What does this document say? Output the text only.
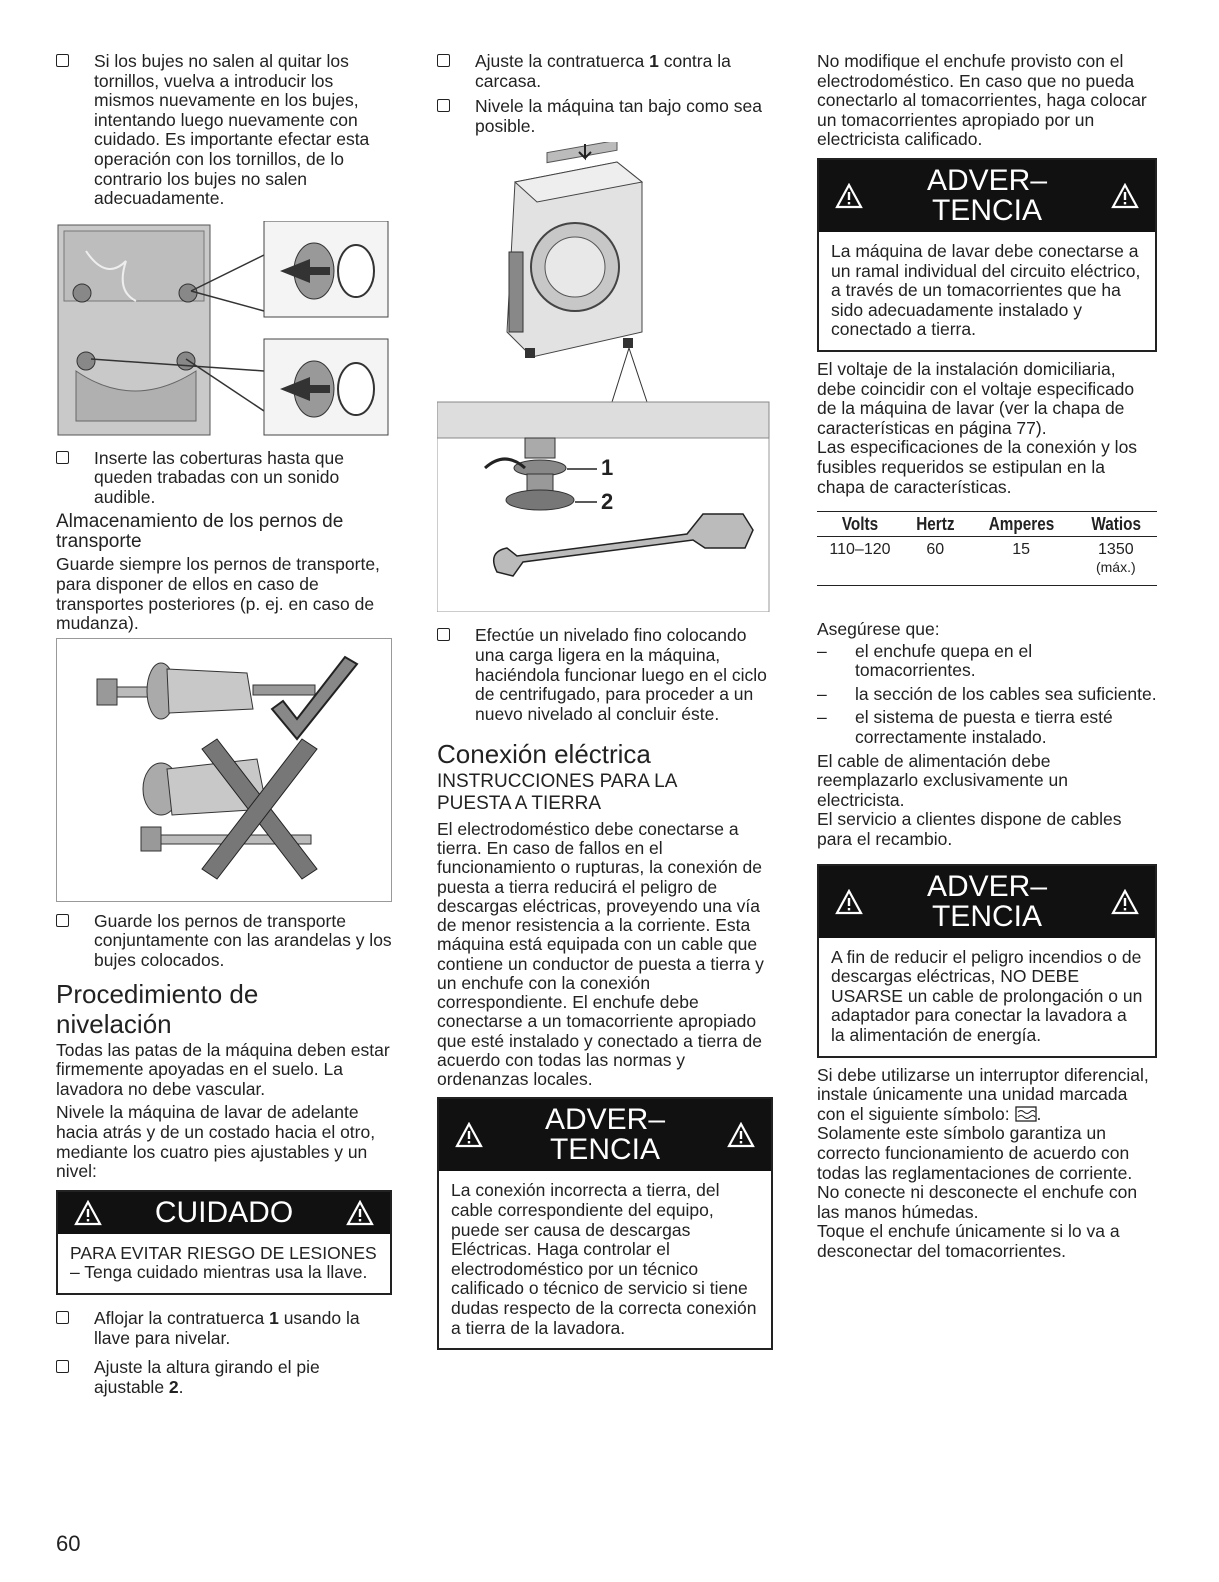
Si los bujes no salen al quitar los tornillos, vuelva a introducir los mismos nuevamente en los bujes, intentando luego nuevamente con cuidado. Es importante efectar esta operación con los tornillos, de lo contrario los bujes no salen adecuadamente.

Inserte las coberturas hasta que queden trabadas con un sonido audible.

Almacenamiento de los pernos de transporte

Guarde siempre los pernos de transporte, para disponer de ellos en caso de transportes posteriores (p. ej. en caso de mudanza).

Guarde los pernos de transporte conjuntamente con las arandelas y los bujes colocados.

Procedimiento de nivelación

Todas las patas de la máquina deben estar firmemente apoyadas en el suelo. La lavadora no debe vascular.

Nivele la máquina de lavar de adelante hacia atrás y de un costado hacia el otro, mediante los cuatro pies ajustables y un nivel:

CUIDADO
PARA EVITAR RIESGO DE LESIONES – Tenga cuidado mientras usa la llave.

Aflojar la contratuerca 1 usando la llave para nivelar.

Ajuste la altura girando el pie ajustable 2.

Ajuste la contratuerca 1 contra la carcasa.

Nivele la máquina tan bajo como sea posible.

1
2

Efectúe un nivelado fino colocando una carga ligera en la máquina, haciéndola funcionar luego en el ciclo de centrifugado, para proceder a un nuevo nivelado al concluir éste.

Conexión eléctrica

INSTRUCCIONES PARA LA PUESTA A TIERRA

El electrodoméstico debe conectarse a tierra. En caso de fallos en el funcionamiento o rupturas, la conexión de puesta a tierra reducirá el peligro de descargas eléctricas, proveyendo una vía de menor resistencia a la corriente. Esta máquina está equipada con un cable que contiene un conductor de puesta a tierra y un enchufe con la conexión correspondiente. El enchufe debe conectarse a un tomacorriente apropiado que esté instalado y conectado a tierra de acuerdo con todas las normas y ordenanzas locales.

ADVER–
TENCIA
La conexión incorrecta a tierra, del cable correspondiente del equipo, puede ser causa de descargas Eléctricas. Haga controlar el electrodoméstico por un técnico calificado o técnico de servicio si tiene dudas respecto de la correcta conexión a tierra de la lavadora.

No modifique el enchufe provisto con el electrodoméstico. En caso que no pueda conectarlo al tomacorrientes, haga colocar un tomacorrientes apropiado por un electricista calificado.

ADVER–
TENCIA
La máquina de lavar debe conectarse a un ramal individual del circuito eléctrico, a través de un tomacorrientes que ha sido adecuadamente instalado y conectado a tierra.

El voltaje de la instalación domiciliaria, debe coincidir con el voltaje especificado de la máquina de lavar (ver la chapa de características en página 77).

Las especificaciones de la conexión y los fusibles requeridos se estipulan en la chapa de características.

Volts	Hertz	Amperes	Watios
110–120	60	15	1350
(máx.)

Asegúrese que:

– el enchufe quepa en el tomacorrientes.

– la sección de los cables sea suficiente.

– el sistema de puesta e tierra esté correctamente instalado.

El cable de alimentación debe reemplazarlo exclusivamente un electricista.

El servicio a clientes dispone de cables para el recambio.

ADVER–
TENCIA
A fin de reducir el peligro incendios o de descargas eléctricas, NO DEBE USARSE un cable de prolongación o un adaptador para conectar la lavadora a la alimentación de energía.

Si debe utilizarse un interruptor diferencial, instale únicamente una unidad marcada con el siguiente símbolo: .

Solamente este símbolo garantiza un correcto funcionamiento de acuerdo con todas las reglamentaciones de corriente.

No conecte ni desconecte el enchufe con las manos húmedas.

Toque el enchufe únicamente si lo va a desconectar del tomacorrientes.

60
